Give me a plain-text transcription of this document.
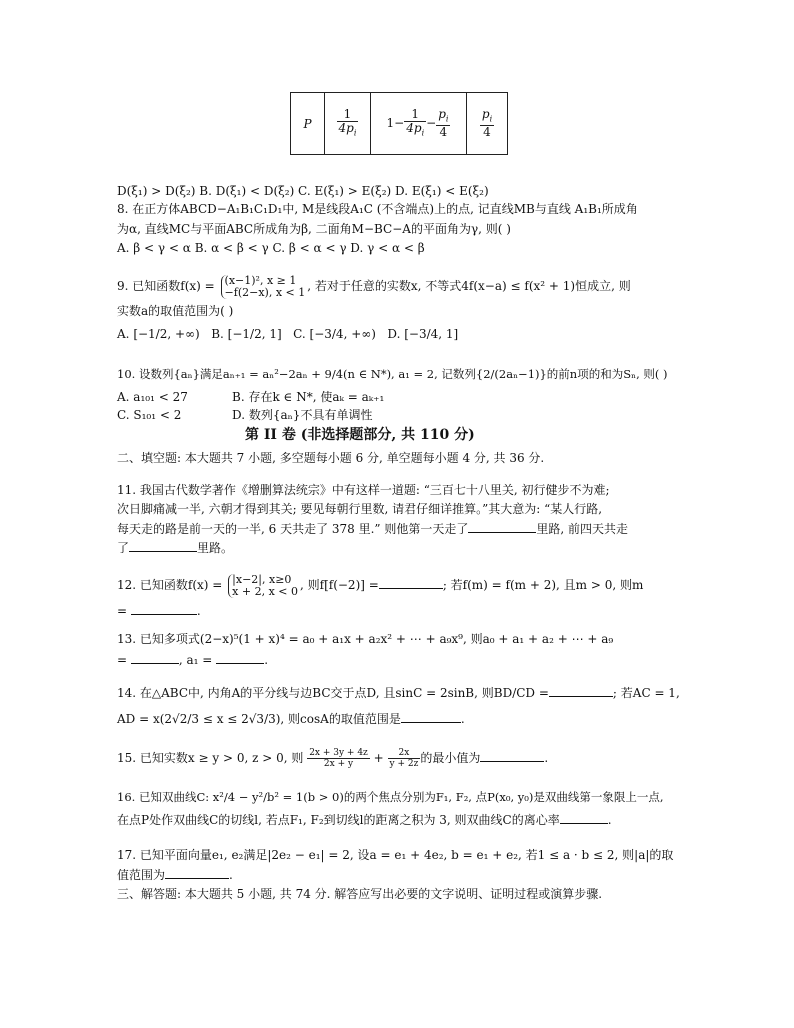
P	$\frac{1}{4p_i}$	$1- \frac{1}{4p_i} - \frac{p_i}{4}$	$\frac{p_i}{4}$
D(ξ₁) > D(ξ₂) B. D(ξ₁) < D(ξ₂) C. E(ξ₁) > E(ξ₂) D. E(ξ₁) < E(ξ₂)
8. 在正方体ABCD−A₁B₁C₁D₁中, M是线段A₁C (不含端点)上的点, 记直线MB与直线 A₁B₁所成角
为α, 直线MC与平面ABC所成角为β, 二面角M−BC−A的平面角为γ, 则( )
A. β < γ < α B. α < β < γ C. β < α < γ D. γ < α < β
9. 已知函数f(x) = (x−1)², x ≥ 1
−f(2−x), x < 1 , 若对于任意的实数x, 不等式4f(x−a) ≤ f(x² + 1)恒成立, 则
实数a的取值范围为( )
A. [−1/2, +∞) B. [−1/2, 1] C. [−3/4, +∞) D. [−3/4, 1]
10. 设数列{aₙ}满足aₙ₊₁ = aₙ²−2aₙ + 9/4(n ∈ N*), a₁ = 2, 记数列{2/(2aₙ−1)}的前n项的和为Sₙ, 则( )
A. a₁₀₁ < 27	B. 存在k ∈ N*, 使aₖ = aₖ₊₁
C. S₁₀₁ < 2	D. 数列{aₙ}不具有单调性
第 II 卷 (非选择题部分, 共 110 分)
二、填空题: 本大题共 7 小题, 多空题每小题 6 分, 单空题每小题 4 分, 共 36 分.
11. 我国古代数学著作《增删算法统宗》中有这样一道题: “三百七十八里关, 初行健步不为难;
次日脚痛减一半, 六朝才得到其关; 要见每朝行里数, 请君仔细详推算。”其大意为: “某人行路,
每天走的路是前一天的一半, 6 天共走了 378 里.” 则他第一天走了	里路, 前四天共走
了	里路。
12. 已知函数f(x) = |x−2|, x≥0
x + 2, x < 0 , 则f[f(−2)] =	; 若f(m) = f(m + 2), 且m > 0, 则m
=	.
13. 已知多项式(2−x)⁵(1 + x)⁴ = a₀ + a₁x + a₂x² + ⋯ + a₉x⁹, 则a₀ + a₁ + a₂ + ⋯ + a₉
=	, a₁ =	.
14. 在△ABC中, 内角A的平分线与边BC交于点D, 且sinC = 2sinB, 则BD/CD =	; 若AC = 1,
AD = x(2√2/3 ≤ x ≤ 2√3/3), 则cosA的取值范围是	.
15. 已知实数x ≥ y > 0, z > 0, 则 $\frac{2x + 3y + 4z}{2x + y} + \frac{2x}{y + 2z}$ 的最小值为	.
16. 已知双曲线C: x²/4 − y²/b² = 1(b > 0)的两个焦点分别为F₁, F₂, 点P(x₀, y₀)是双曲线第一象限上一点,
在点P处作双曲线C的切线l, 若点F₁, F₂到切线l的距离之积为 3, 则双曲线C的离心率	.
17. 已知平面向量e₁, e₂满足|2e₂ − e₁| = 2, 设a = e₁ + 4e₂, b = e₁ + e₂, 若1 ≤ a · b ≤ 2, 则|a|的取
值范围为	.
三、解答题: 本大题共 5 小题, 共 74 分. 解答应写出必要的文字说明、证明过程或演算步骤.
